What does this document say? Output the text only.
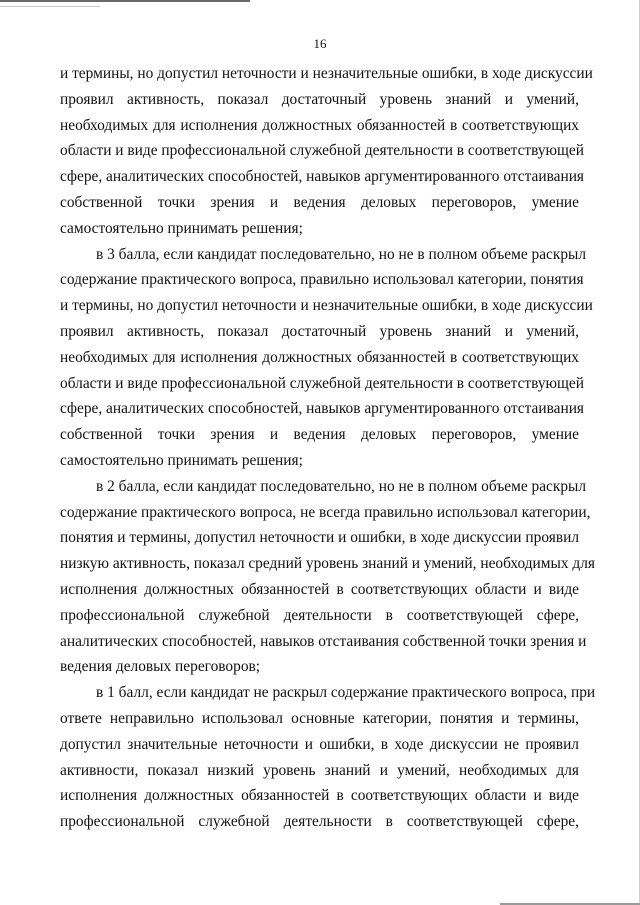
16
и термины, но допустил неточности и незначительные ошибки, в ходе дискуссии
проявил активность, показал достаточный уровень знаний и умений,
необходимых для исполнения должностных обязанностей в соответствующих
области и виде профессиональной служебной деятельности в соответствующей
сфере, аналитических способностей, навыков аргументированного отстаивания
собственной точки зрения и ведения деловых переговоров, умение
самостоятельно принимать решения;
в 3 балла, если кандидат последовательно, но не в полном объеме раскрыл
содержание практического вопроса, правильно использовал категории, понятия
и термины, но допустил неточности и незначительные ошибки, в ходе дискуссии
проявил активность, показал достаточный уровень знаний и умений,
необходимых для исполнения должностных обязанностей в соответствующих
области и виде профессиональной служебной деятельности в соответствующей
сфере, аналитических способностей, навыков аргументированного отстаивания
собственной точки зрения и ведения деловых переговоров, умение
самостоятельно принимать решения;
в 2 балла, если кандидат последовательно, но не в полном объеме раскрыл
содержание практического вопроса, не всегда правильно использовал категории,
понятия и термины, допустил неточности и ошибки, в ходе дискуссии проявил
низкую активность, показал средний уровень знаний и умений, необходимых для
исполнения должностных обязанностей в соответствующих области и виде
профессиональной служебной деятельности в соответствующей сфере,
аналитических способностей, навыков отстаивания собственной точки зрения и
ведения деловых переговоров;
в 1 балл, если кандидат не раскрыл содержание практического вопроса, при
ответе неправильно использовал основные категории, понятия и термины,
допустил значительные неточности и ошибки, в ходе дискуссии не проявил
активности, показал низкий уровень знаний и умений, необходимых для
исполнения должностных обязанностей в соответствующих области и виде
профессиональной служебной деятельности в соответствующей сфере,
